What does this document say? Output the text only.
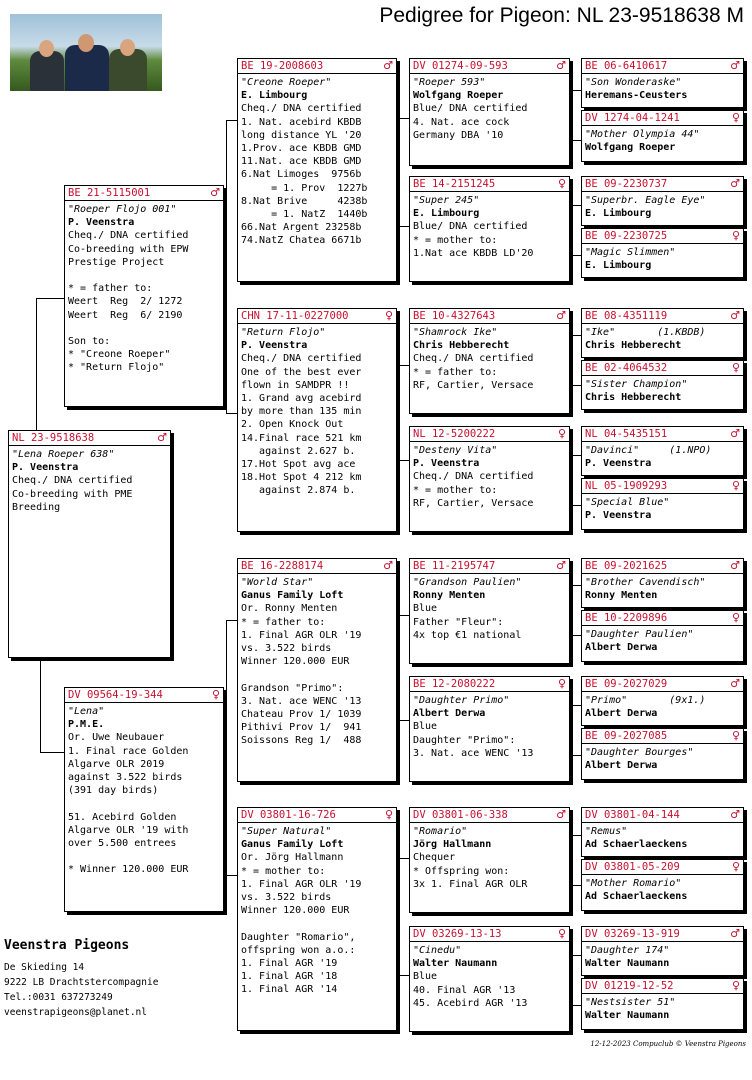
Pedigree for Pigeon: NL 23-9518638 M
NL 23-9518638	♂
"Lena Roeper 638"
P. Veenstra
Cheq./ DNA certified
Co-breeding with PME
Breeding
BE 21-5115001	♂
"Roeper Flojo 001"
P. Veenstra
Cheq./ DNA certified
Co-breeding with EPW
Prestige Project

* = father to:
Weert  Reg  2/ 1272
Weert  Reg  6/ 2190

Son to:
* "Creone Roeper"
* "Return Flojo"
DV 09564-19-344	♀
"Lena"
P.M.E.
Or. Uwe Neubauer
1. Final race Golden
Algarve OLR 2019
against 3.522 birds
(391 day birds)

51. Acebird Golden
Algarve OLR '19 with
over 5.500 entrees

* Winner 120.000 EUR
BE 19-2008603	♂
"Creone Roeper"
E. Limbourg
Cheq./ DNA certified
1. Nat. acebird KBDB
long distance YL '20
1.Prov. ace KBDB GMD
11.Nat. ace KBDB GMD
6.Nat Limoges  9756b
= 1. Prov  1227b
8.Nat Brive     4238b
= 1. NatZ  1440b
66.Nat Argent 23258b
74.NatZ Chatea 6671b
CHN 17-11-0227000	♀
"Return Flojo"
P. Veenstra
Cheq./ DNA certified
One of the best ever
flown in SAMDPR !!
1. Grand avg acebird
by more than 135 min
2. Open Knock Out
14.Final race 521 km
against 2.627 b.
17.Hot Spot avg ace
18.Hot Spot 4 212 km
against 2.874 b.
BE 16-2288174	♂
"World Star"
Ganus Family Loft
Or. Ronny Menten
* = father to:
1. Final AGR OLR '19
vs. 3.522 birds
Winner 120.000 EUR

Grandson "Primo":
3. Nat. ace WENC '13
Chateau Prov 1/ 1039
Pithivi Prov 1/  941
Soissons Reg 1/  488
DV 03801-16-726	♀
"Super Natural"
Ganus Family Loft
Or. Jörg Hallmann
* = mother to:
1. Final AGR OLR '19
vs. 3.522 birds
Winner 120.000 EUR

Daughter "Romario",
offspring won a.o.:
1. Final AGR '19
1. Final AGR '18
1. Final AGR '14
DV 01274-09-593	♂
"Roeper 593"
Wolfgang Roeper
Blue/ DNA certified
4. Nat. ace cock
Germany DBA '10
BE 14-2151245	♀
"Super 245"
E. Limbourg
Blue/ DNA certified
* = mother to:
1.Nat ace KBDB LD'20
BE 10-4327643	♂
"Shamrock Ike"
Chris Hebberecht
Cheq./ DNA certified
* = father to:
RF, Cartier, Versace
NL 12-5200222	♀
"Desteny Vita"
P. Veenstra
Cheq./ DNA certified
* = mother to:
RF, Cartier, Versace
BE 11-2195747	♂
"Grandson Paulien"
Ronny Menten
Blue
Father "Fleur":
4x top €1 national
BE 12-2080222	♀
"Daughter Primo"
Albert Derwa
Blue
Daughter "Primo":
3. Nat. ace WENC '13
DV 03801-06-338	♂
"Romario"
Jörg Hallmann
Chequer
* Offspring won:
3x 1. Final AGR OLR
DV 03269-13-13	♀
"Cinedu"
Walter Naumann
Blue
40. Final AGR '13
45. Acebird AGR '13
BE 06-6410617	♂
"Son Wonderaske"
Heremans-Ceusters
DV 1274-04-1241	♀
"Mother Olympia 44"
Wolfgang Roeper
BE 09-2230737	♂
"Superbr. Eagle Eye"
E. Limbourg
BE 09-2230725	♀
"Magic Slimmen"
E. Limbourg
BE 08-4351119	♂
"Ike"       (1.KBDB)
Chris Hebberecht
BE 02-4064532	♀
"Sister Champion"
Chris Hebberecht
NL 04-5435151	♂
"Davinci"     (1.NPO)
P. Veenstra
NL 05-1909293	♀
"Special Blue"
P. Veenstra
BE 09-2021625	♂
"Brother Cavendisch"
Ronny Menten
BE 10-2209896	♀
"Daughter Paulien"
Albert Derwa
BE 09-2027029	♂
"Primo"       (9x1.)
Albert Derwa
BE 09-2027085	♀
"Daughter Bourges"
Albert Derwa
DV 03801-04-144	♂
"Remus"
Ad Schaerlaeckens
DV 03801-05-209	♀
"Mother Romario"
Ad Schaerlaeckens
DV 03269-13-919	♂
"Daughter 174"
Walter Naumann
DV 01219-12-52	♀
"Nestsister 51"
Walter Naumann
Veenstra Pigeons
De Skieding 14
9222 LB Drachtstercompagnie
Tel.:0031 637273249
veenstrapigeons@planet.nl
12-12-2023 Compuclub © Veenstra Pigeons
